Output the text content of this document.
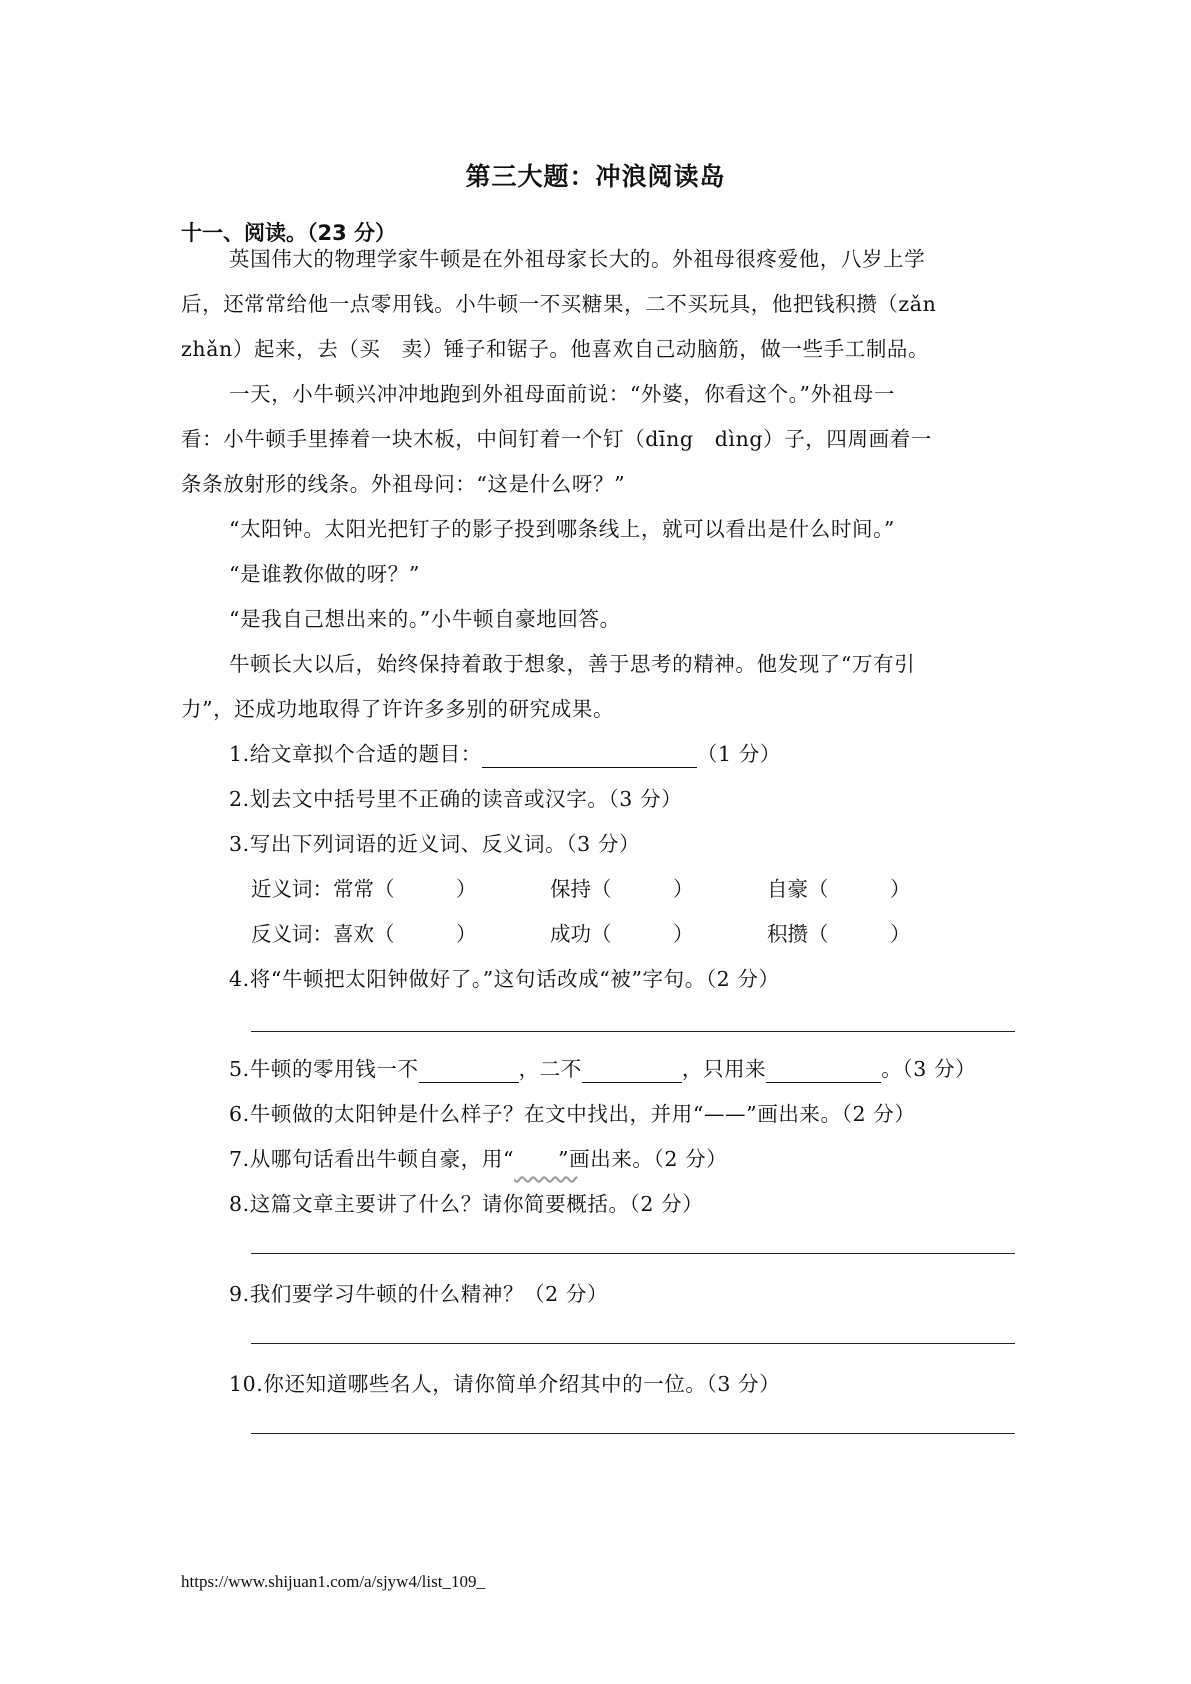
第三大题：冲浪阅读岛
十一、阅读。（23 分）
英国伟大的物理学家牛顿是在外祖母家长大的。外祖母很疼爱他，八岁上学
后，还常常给他一点零用钱。小牛顿一不买糖果，二不买玩具，他把钱积攒（zǎn
zhǎn）起来，去（买　卖）锤子和锯子。他喜欢自己动脑筋，做一些手工制品。
一天，小牛顿兴冲冲地跑到外祖母面前说：“外婆，你看这个。”外祖母一
看：小牛顿手里捧着一块木板，中间钉着一个钉（dīng　dìng）子，四周画着一
条条放射形的线条。外祖母问：“这是什么呀？”
“太阳钟。太阳光把钉子的影子投到哪条线上，就可以看出是什么时间。”
“是谁教你做的呀？”
“是我自己想出来的。”小牛顿自豪地回答。
牛顿长大以后，始终保持着敢于想象，善于思考的精神。他发现了“万有引
力”，还成功地取得了许许多多别的研究成果。
1.给文章拟个合适的题目：	（1 分）
2.划去文中括号里不正确的读音或汉字。（3 分）
3.写出下列词语的近义词、反义词。（3 分）
近义词：常常（　　　）	保持（　　　）	自豪（　　　）
反义词：喜欢（　　　）	成功（　　　）	积攒（　　　）
4.将“牛顿把太阳钟做好了。”这句话改成“被”字句。（2 分）
5.牛顿的零用钱一不	，二不	，只用来	。（3 分）
6.牛顿做的太阳钟是什么样子？在文中找出，并用“——”画出来。（2 分）
7.从哪句话看出牛顿自豪，用“ ”画出来。（2 分）
8.这篇文章主要讲了什么？请你简要概括。（2 分）
9.我们要学习牛顿的什么精神？（2 分）
10.你还知道哪些名人，请你简单介绍其中的一位。（3 分）
https://www.shijuan1.com/a/sjyw4/list_109_
